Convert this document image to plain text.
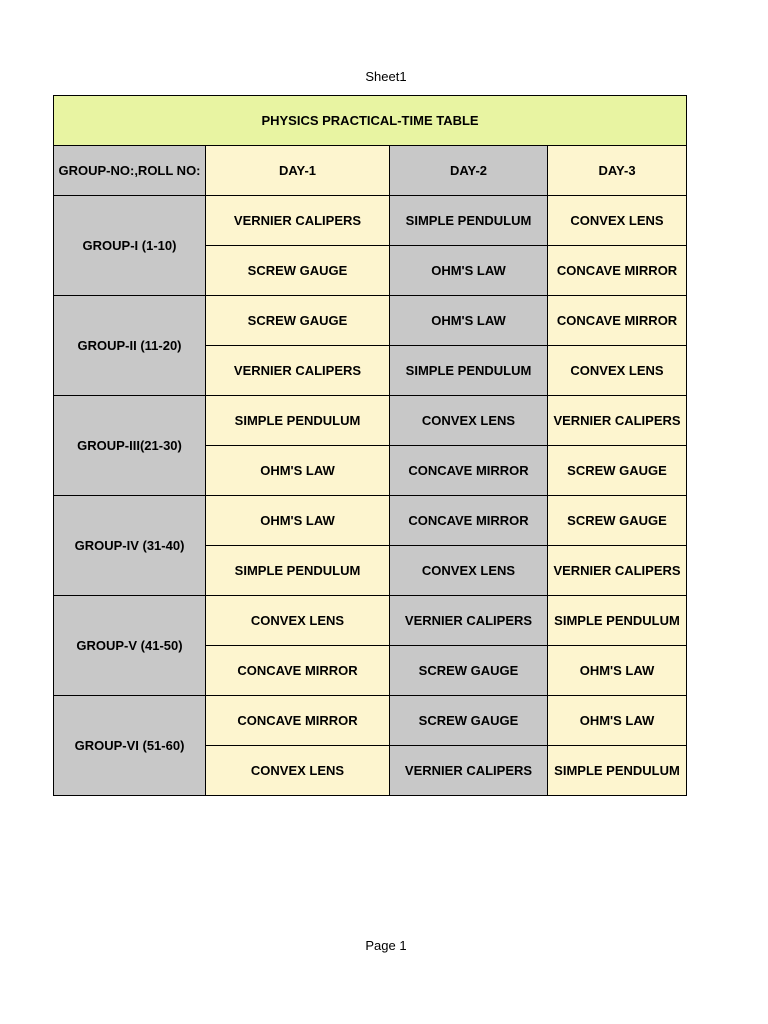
Sheet1
PHYSICS PRACTICAL-TIME TABLE			
GROUP-NO:,ROLL NO:	DAY-1	DAY-2	DAY-3
GROUP-I (1-10)	VERNIER CALIPERS	SIMPLE PENDULUM	CONVEX LENS
	SCREW GAUGE	OHM'S LAW	CONCAVE MIRROR
GROUP-II (11-20)	SCREW GAUGE	OHM'S LAW	CONCAVE MIRROR
	VERNIER CALIPERS	SIMPLE PENDULUM	CONVEX LENS
GROUP-III(21-30)	SIMPLE PENDULUM	CONVEX LENS	VERNIER CALIPERS
	OHM'S LAW	CONCAVE MIRROR	SCREW GAUGE
GROUP-IV (31-40)	OHM'S LAW	CONCAVE MIRROR	SCREW GAUGE
	SIMPLE PENDULUM	CONVEX LENS	VERNIER CALIPERS
GROUP-V (41-50)	CONVEX LENS	VERNIER CALIPERS	SIMPLE PENDULUM
	CONCAVE MIRROR	SCREW GAUGE	OHM'S LAW
GROUP-VI (51-60)	CONCAVE MIRROR	SCREW GAUGE	OHM'S LAW
	CONVEX LENS	VERNIER CALIPERS	SIMPLE PENDULUM
Page 1
